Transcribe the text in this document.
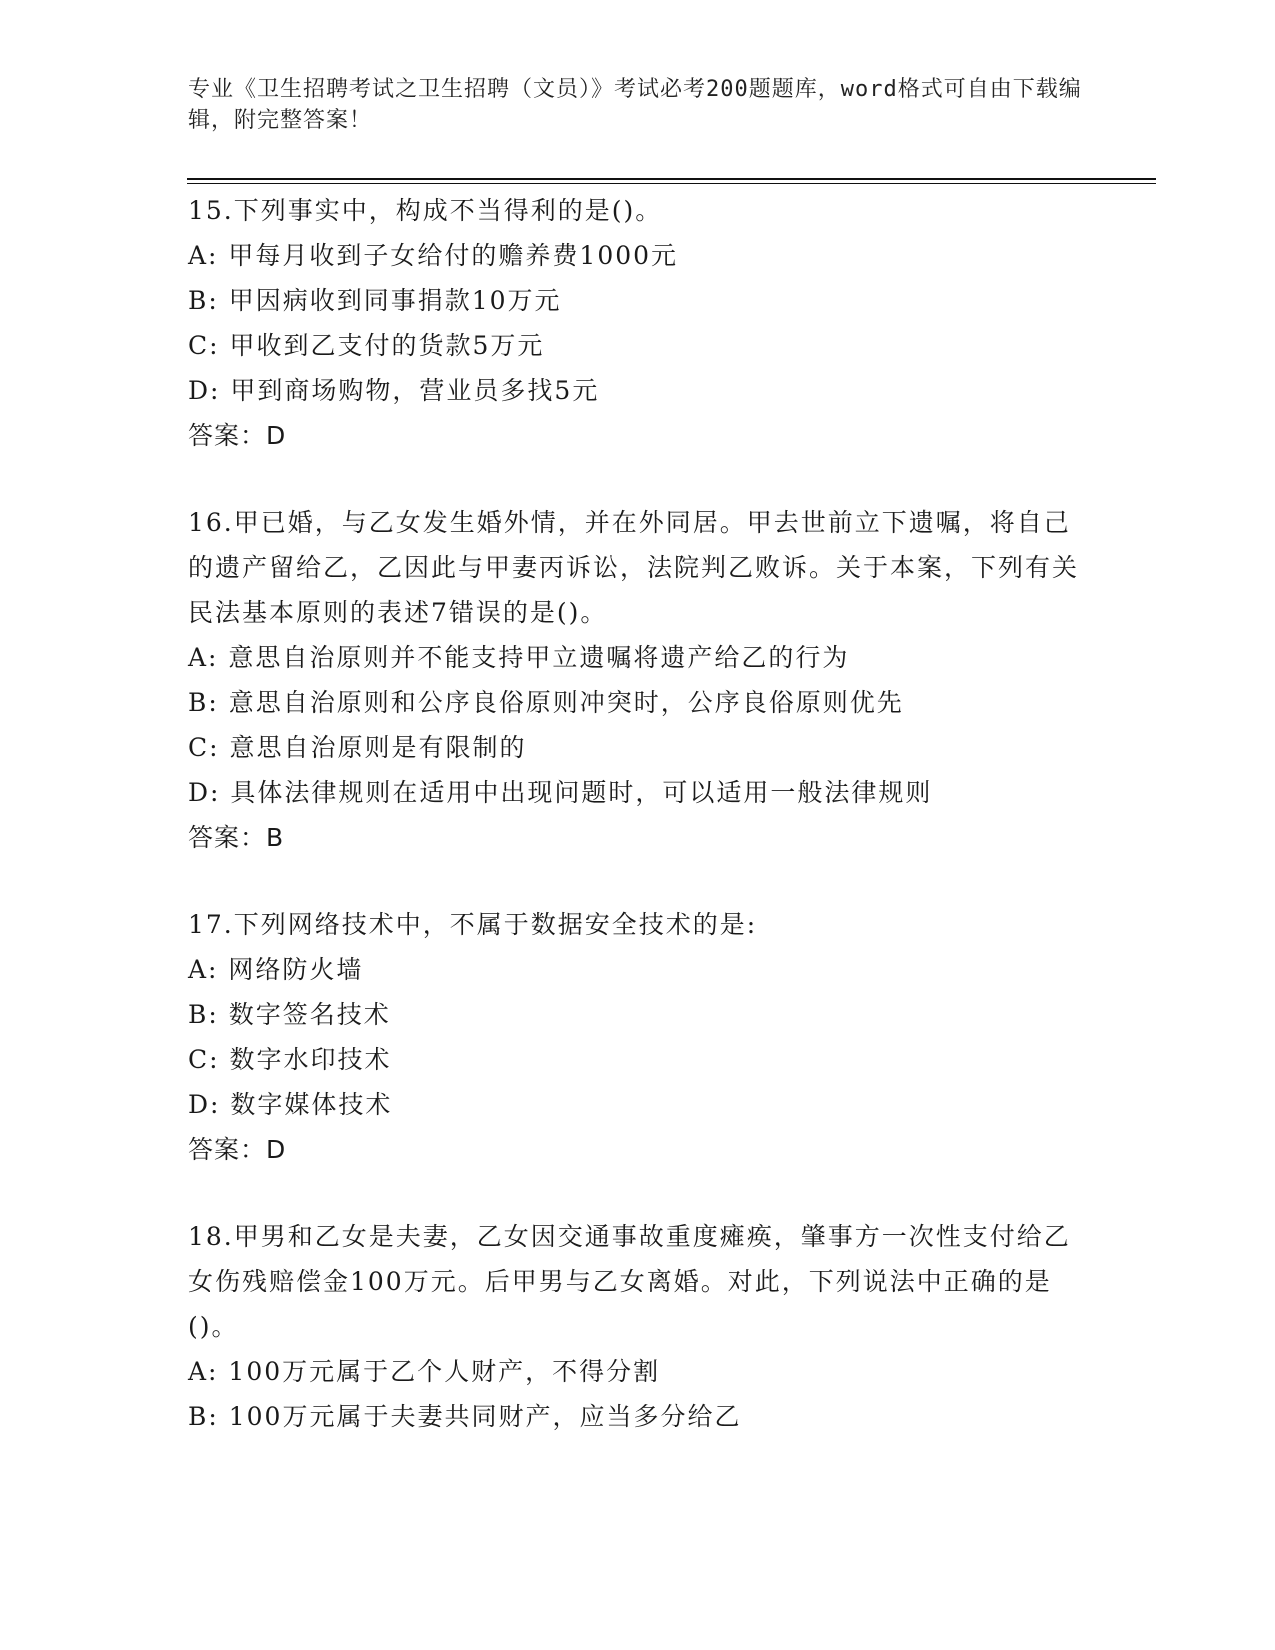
专业《卫生招聘考试之卫生招聘（文员）》考试必考200题题库，word格式可自由下载编辑，附完整答案！
15.下列事实中，构成不当得利的是()。
A: 甲每月收到子女给付的赡养费1000元
B: 甲因病收到同事捐款10万元
C: 甲收到乙支付的货款5万元
D: 甲到商场购物，营业员多找5元
答案：D
16.甲已婚，与乙女发生婚外情，并在外同居。甲去世前立下遗嘱，将自己的遗产留给乙，乙因此与甲妻丙诉讼，法院判乙败诉。关于本案，下列有关民法基本原则的表述7错误的是()。
A: 意思自治原则并不能支持甲立遗嘱将遗产给乙的行为
B: 意思自治原则和公序良俗原则冲突时，公序良俗原则优先
C: 意思自治原则是有限制的
D: 具体法律规则在适用中出现问题时，可以适用一般法律规则
答案：B
17.下列网络技术中，不属于数据安全技术的是:
A: 网络防火墙
B: 数字签名技术
C: 数字水印技术
D: 数字媒体技术
答案：D
18.甲男和乙女是夫妻，乙女因交通事故重度瘫痪，肇事方一次性支付给乙女伤残赔偿金100万元。后甲男与乙女离婚。对此，下列说法中正确的是()。
A: 100万元属于乙个人财产，不得分割
B: 100万元属于夫妻共同财产，应当多分给乙
